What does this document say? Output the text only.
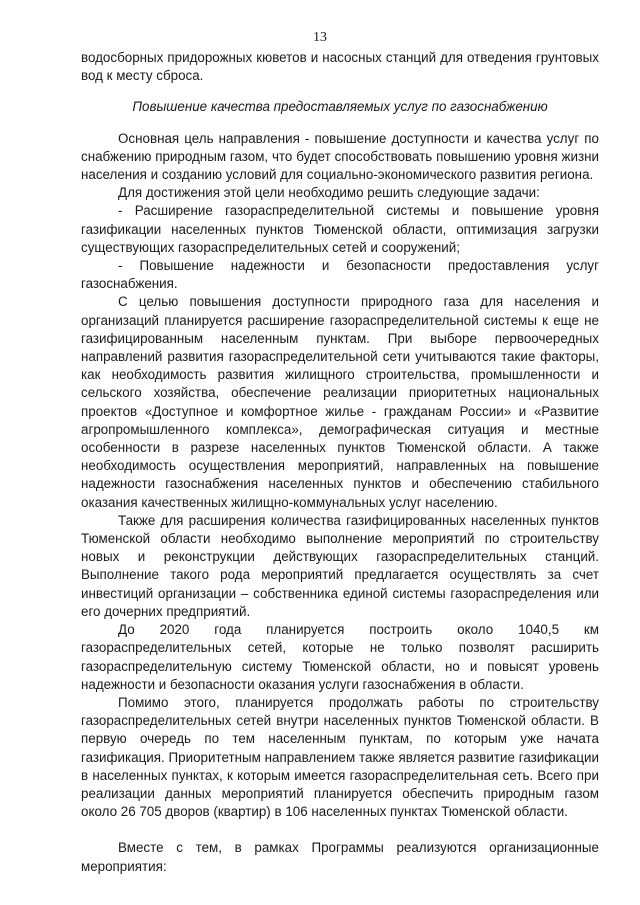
13

водосборных придорожных кюветов и насосных станций для отведения грунтовых вод к месту сброса.

Повышение качества предоставляемых услуг по газоснабжению

Основная цель направления - повышение доступности и качества услуг по снабжению природным газом, что будет способствовать повышению уровня жизни населения и созданию условий для социально-экономического развития региона.

Для достижения этой цели необходимо решить следующие задачи:

- Расширение газораспределительной системы и повышение уровня газификации населенных пунктов Тюменской области, оптимизация загрузки существующих газораспределительных сетей и сооружений;

- Повышение надежности и безопасности предоставления услуг газоснабжения.

С целью повышения доступности природного газа для населения и организаций планируется расширение газораспределительной системы к еще не газифицированным населенным пунктам. При выборе первоочередных направлений развития газораспределительной сети учитываются такие факторы, как необходимость развития жилищного строительства, промышленности и сельского хозяйства, обеспечение реализации приоритетных национальных проектов «Доступное и комфортное жилье - гражданам России» и «Развитие агропромышленного комплекса», демографическая ситуация и местные особенности в разрезе населенных пунктов Тюменской области. А также необходимость осуществления мероприятий, направленных на повышение надежности газоснабжения населенных пунктов и обеспечению стабильного оказания качественных жилищно-коммунальных услуг населению.

Также для расширения количества газифицированных населенных пунктов Тюменской области необходимо выполнение мероприятий по строительству новых и реконструкции действующих газораспределительных станций. Выполнение такого рода мероприятий предлагается осуществлять за счет инвестиций организации – собственника единой системы газораспределения или его дочерних предприятий.

До 2020 года планируется построить около 1040,5 км газораспределительных сетей, которые не только позволят расширить газораспределительную систему Тюменской области, но и повысят уровень надежности и безопасности оказания услуги газоснабжения в области.

Помимо этого, планируется продолжать работы по строительству газораспределительных сетей внутри населенных пунктов Тюменской области. В первую очередь по тем населенным пунктам, по которым уже начата газификация. Приоритетным направлением также является развитие газификации в населенных пунктах, к которым имеется газораспределительная сеть. Всего при реализации данных мероприятий планируется обеспечить природным газом около 26 705 дворов (квартир) в 106 населенных пунктах Тюменской области.

Вместе с тем, в рамках Программы реализуются организационные мероприятия:
